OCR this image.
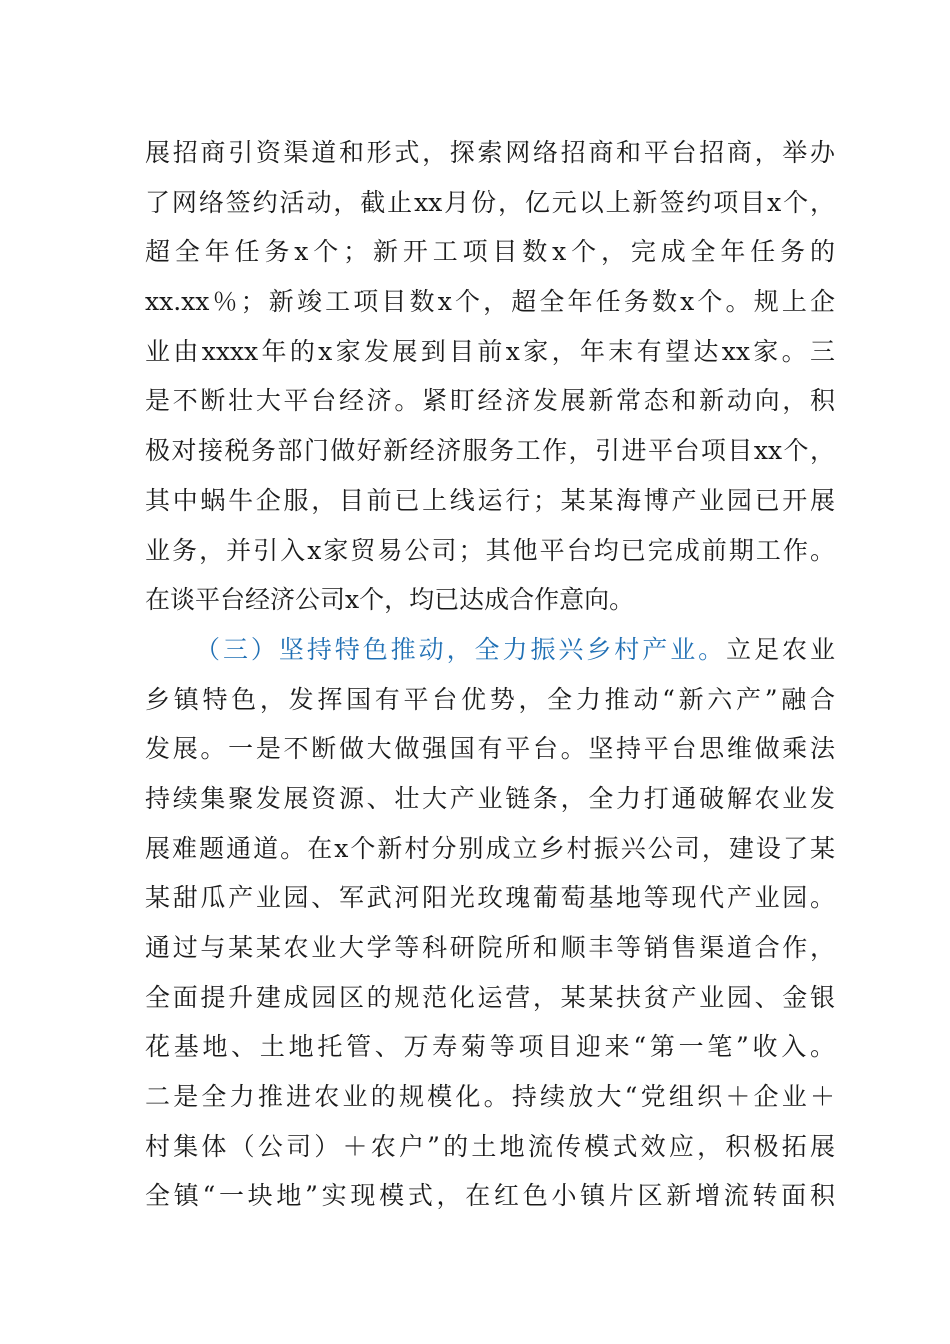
展招商引资渠道和形式，探索网络招商和平台招商，举办
了网络签约活动，截止xx月份，亿元以上新签约项目x个，
超全年任务x个；新开工项目数x个，完成全年任务的
xx.xx％；新竣工项目数x个，超全年任务数x个。规上企
业由xxxx年的x家发展到目前x家，年末有望达xx家。三
是不断壮大平台经济。紧盯经济发展新常态和新动向，积
极对接税务部门做好新经济服务工作，引进平台项目xx个，
其中蜗牛企服，目前已上线运行；某某海博产业园已开展
业务，并引入x家贸易公司；其他平台均已完成前期工作。
在谈平台经济公司x个，均已达成合作意向。
（三）坚持特色推动，全力振兴乡村产业。立足农业
乡镇特色，发挥国有平台优势，全力推动“新六产”融合
发展。一是不断做大做强国有平台。坚持平台思维做乘法
持续集聚发展资源、壮大产业链条，全力打通破解农业发
展难题通道。在x个新村分别成立乡村振兴公司，建设了某
某甜瓜产业园、军武河阳光玫瑰葡萄基地等现代产业园。
通过与某某农业大学等科研院所和顺丰等销售渠道合作，
全面提升建成园区的规范化运营，某某扶贫产业园、金银
花基地、土地托管、万寿菊等项目迎来“第一笔”收入。
二是全力推进农业的规模化。持续放大“党组织＋企业＋
村集体（公司）＋农户”的土地流传模式效应，积极拓展
全镇“一块地”实现模式，在红色小镇片区新增流转面积
